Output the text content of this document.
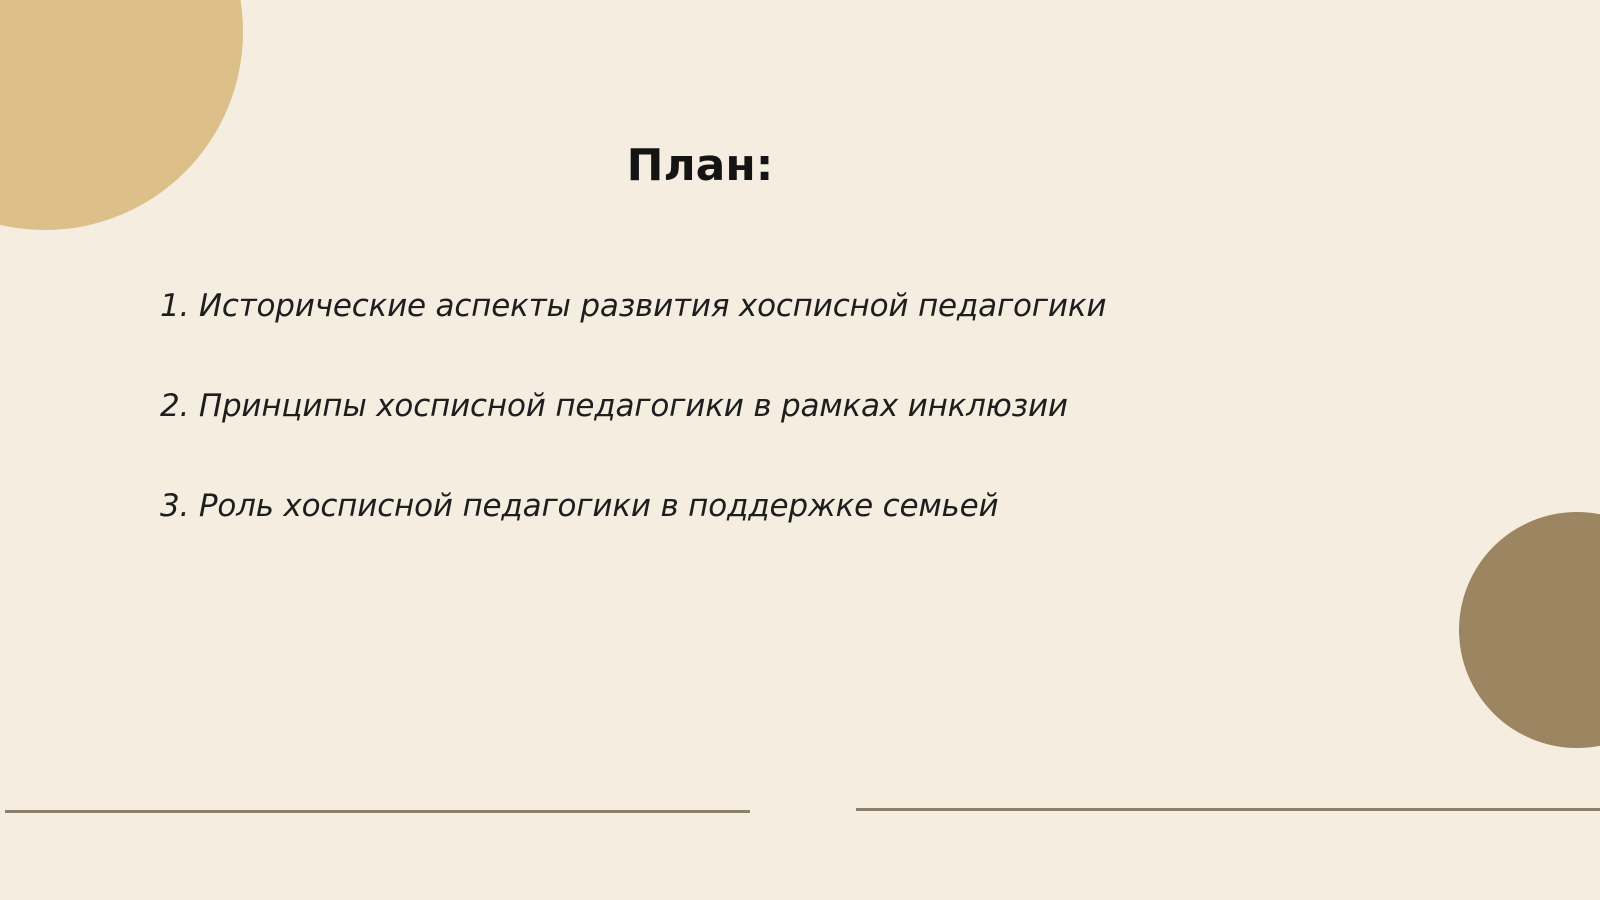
План:
1. Исторические аспекты развития хосписной педагогики
2. Принципы хосписной педагогики в рамках инклюзии
3. Роль хосписной педагогики в поддержке семьей
